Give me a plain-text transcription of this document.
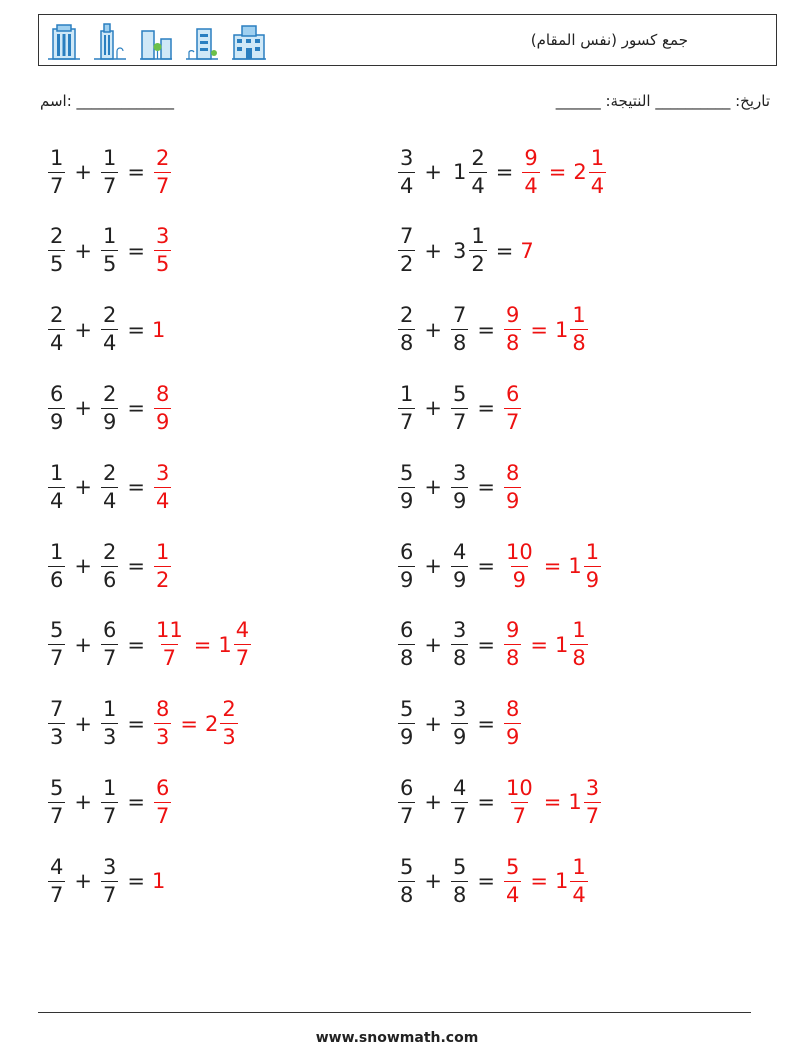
جمع كسور (نفس المقام)
______ :تاريخ: __________ النتيجة
اسم: _____________
$\frac{1}{7} + \frac{1}{7} = \frac{2}{7}$
$\frac{2}{5} + \frac{1}{5} = \frac{3}{5}$
$\frac{2}{4} + \frac{2}{4} = 1$
$\frac{6}{9} + \frac{2}{9} = \frac{8}{9}$
$\frac{1}{4} + \frac{2}{4} = \frac{3}{4}$
$\frac{1}{6} + \frac{2}{6} = \frac{1}{2}$
$\frac{5}{7} + \frac{6}{7} = \frac{11}{7} = 1 \frac{4}{7}$
$\frac{7}{3} + \frac{1}{3} = \frac{8}{3} = 2 \frac{2}{3}$
$\frac{5}{7} + \frac{1}{7} = \frac{6}{7}$
$\frac{4}{7} + \frac{3}{7} = 1$
$\frac{3}{4} + 1 \frac{2}{4} = \frac{9}{4} = 2 \frac{1}{4}$
$\frac{7}{2} + 3 \frac{1}{2} = 7$
$\frac{2}{8} + \frac{7}{8} = \frac{9}{8} = 1 \frac{1}{8}$
$\frac{1}{7} + \frac{5}{7} = \frac{6}{7}$
$\frac{5}{9} + \frac{3}{9} = \frac{8}{9}$
$\frac{6}{9} + \frac{4}{9} = \frac{10}{9} = 1 \frac{1}{9}$
$\frac{6}{8} + \frac{3}{8} = \frac{9}{8} = 1 \frac{1}{8}$
$\frac{5}{9} + \frac{3}{9} = \frac{8}{9}$
$\frac{6}{7} + \frac{4}{7} = \frac{10}{7} = 1 \frac{3}{7}$
$\frac{5}{8} + \frac{5}{8} = \frac{5}{4} = 1 \frac{1}{4}$
www.snowmath.com
